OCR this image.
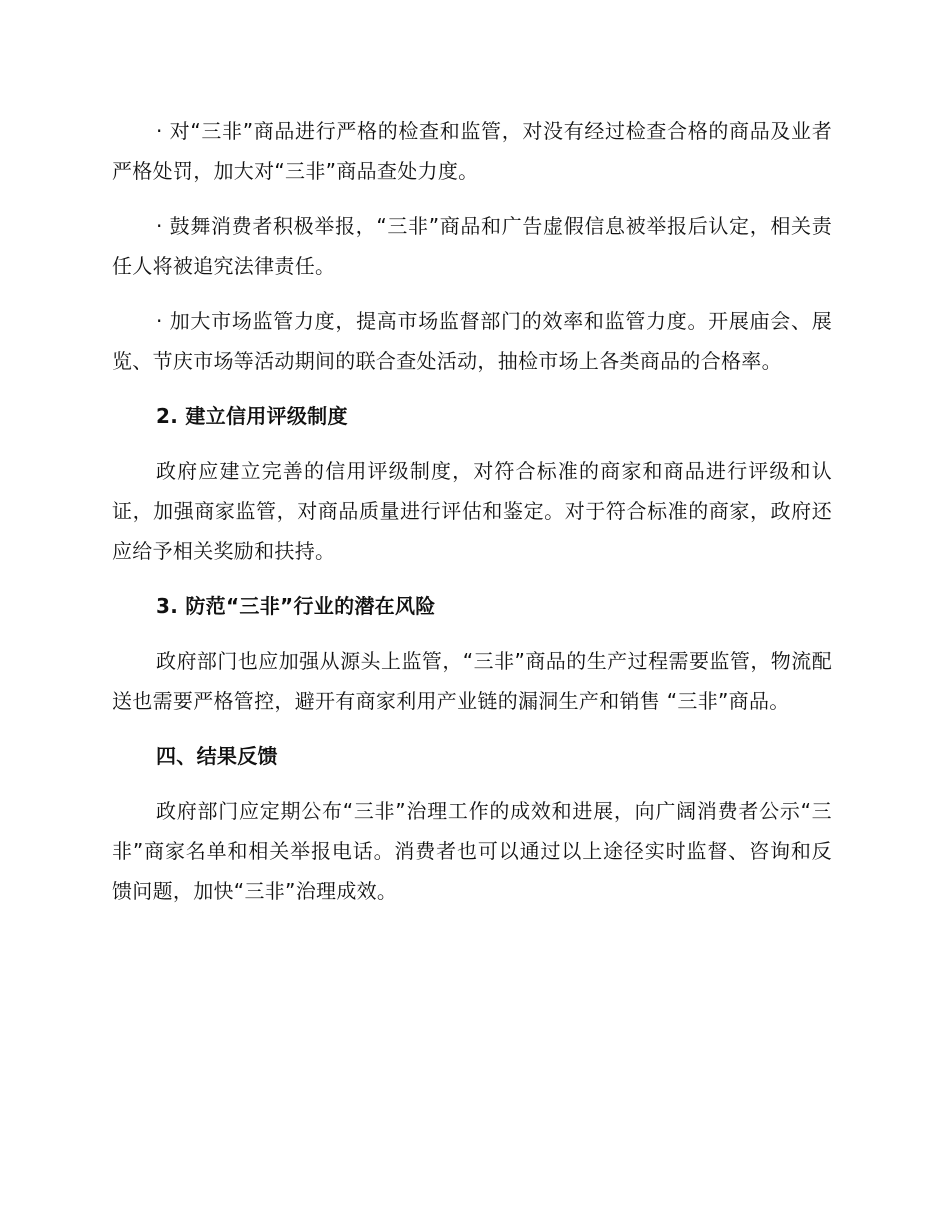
· 对“三非”商品进行严格的检查和监管，对没有经过检查合格的商品及业者严格处罚，加大对“三非”商品查处力度。

· 鼓舞消费者积极举报，“三非”商品和广告虚假信息被举报后认定，相关责任人将被追究法律责任。

· 加大市场监管力度，提高市场监督部门的效率和监管力度。开展庙会、展览、节庆市场等活动期间的联合查处活动，抽检市场上各类商品的合格率。

2. 建立信用评级制度

政府应建立完善的信用评级制度，对符合标准的商家和商品进行评级和认证，加强商家监管，对商品质量进行评估和鉴定。对于符合标准的商家，政府还应给予相关奖励和扶持。

3. 防范“三非”行业的潜在风险

政府部门也应加强从源头上监管，“三非”商品的生产过程需要监管，物流配送也需要严格管控，避开有商家利用产业链的漏洞生产和销售 “三非”商品。

四、结果反馈

政府部门应定期公布“三非”治理工作的成效和进展，向广阔消费者公示“三非”商家名单和相关举报电话。消费者也可以通过以上途径实时监督、咨询和反馈问题，加快“三非”治理成效。
